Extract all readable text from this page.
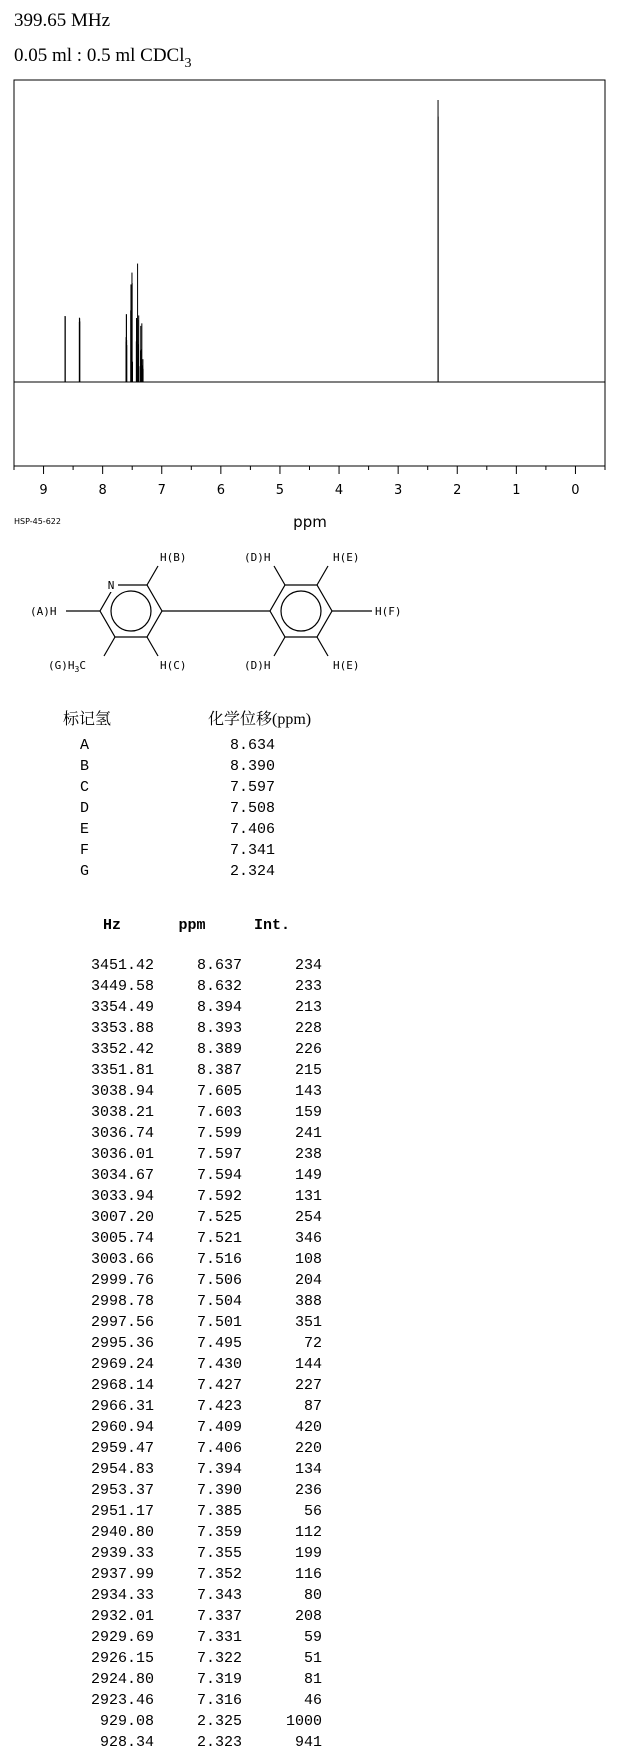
399.65 MHz
0.05 ml : 0.5 ml CDCl$_3$
9	8	7	6	5	4	3	2	1	0
ppm
HSP-45-622
N
H(B)	(D)H	H(E)
(A)H	H(F)
$(G)H_3C$	H(C)	(D)H	H(E)
标记氢	化学位移(ppm)
A	8.634
B	8.390
C	7.597
D	7.508
E	7.406
F	7.341
G	2.324
Hz	ppm	Int.
3451.42	8.637	234
3449.58	8.632	233
3354.49	8.394	213
3353.88	8.393	228
3352.42	8.389	226
3351.81	8.387	215
3038.94	7.605	143
3038.21	7.603	159
3036.74	7.599	241
3036.01	7.597	238
3034.67	7.594	149
3033.94	7.592	131
3007.20	7.525	254
3005.74	7.521	346
3003.66	7.516	108
2999.76	7.506	204
2998.78	7.504	388
2997.56	7.501	351
2995.36	7.495	72
2969.24	7.430	144
2968.14	7.427	227
2966.31	7.423	87
2960.94	7.409	420
2959.47	7.406	220
2954.83	7.394	134
2953.37	7.390	236
2951.17	7.385	56
2940.80	7.359	112
2939.33	7.355	199
2937.99	7.352	116
2934.33	7.343	80
2932.01	7.337	208
2929.69	7.331	59
2926.15	7.322	51
2924.80	7.319	81
2923.46	7.316	46
929.08	2.325	1000
928.34	2.323	941
